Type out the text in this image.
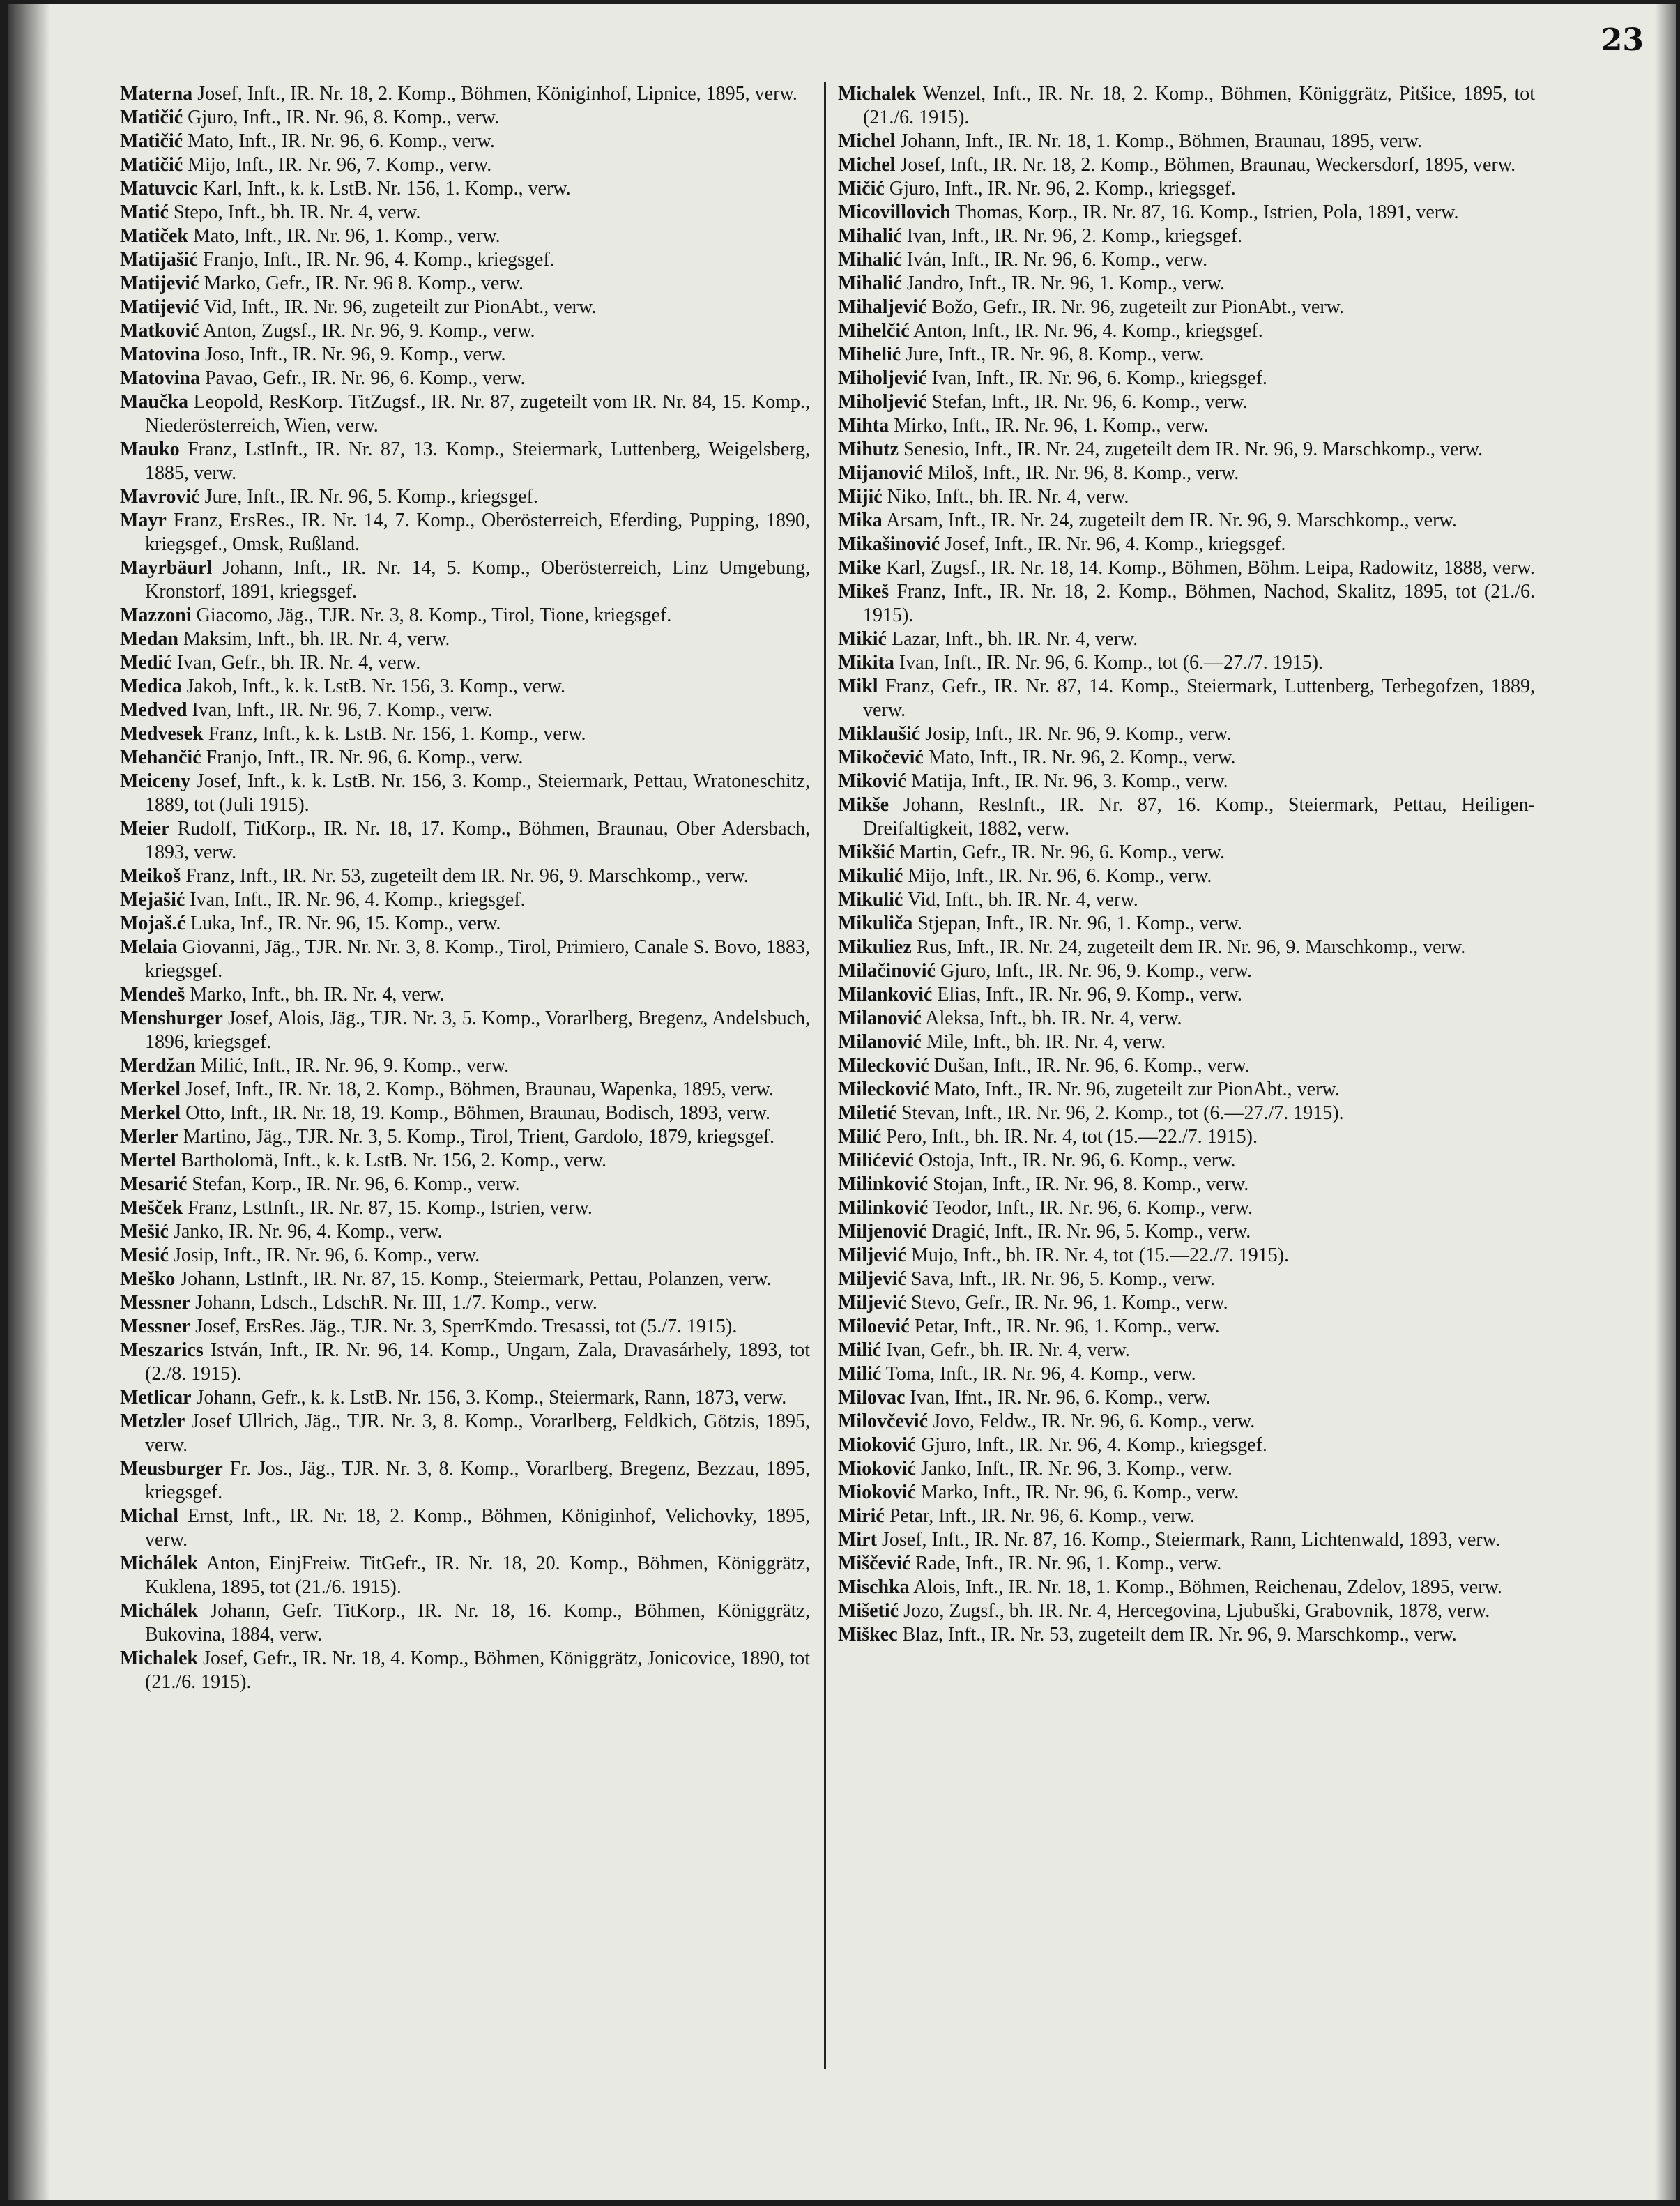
23

Materna Josef, Inft., IR. Nr. 18, 2. Komp., Böhmen, Königinhof, Lipnice, 1895, verw.

Matičić Gjuro, Inft., IR. Nr. 96, 8. Komp., verw.

Matičić Mato, Inft., IR. Nr. 96, 6. Komp., verw.

Matičić Mijo, Inft., IR. Nr. 96, 7. Komp., verw.

Matuvcic Karl, Inft., k. k. LstB. Nr. 156, 1. Komp., verw.

Matić Stepo, Inft., bh. IR. Nr. 4, verw.

Matiček Mato, Inft., IR. Nr. 96, 1. Komp., verw.

Matijašić Franjo, Inft., IR. Nr. 96, 4. Komp., kriegsgef.

Matijević Marko, Gefr., IR. Nr. 96 8. Komp., verw.

Matijević Vid, Inft., IR. Nr. 96, zugeteilt zur PionAbt., verw.

Matković Anton, Zugsf., IR. Nr. 96, 9. Komp., verw.

Matovina Joso, Inft., IR. Nr. 96, 9. Komp., verw.

Matovina Pavao, Gefr., IR. Nr. 96, 6. Komp., verw.

Maučka Leopold, ResKorp. TitZugsf., IR. Nr. 87, zugeteilt vom IR. Nr. 84, 15. Komp., Niederösterreich, Wien, verw.

Mauko Franz, LstInft., IR. Nr. 87, 13. Komp., Steiermark, Luttenberg, Weigelsberg, 1885, verw.

Mavrović Jure, Inft., IR. Nr. 96, 5. Komp., kriegsgef.

Mayr Franz, ErsRes., IR. Nr. 14, 7. Komp., Oberösterreich, Eferding, Pupping, 1890, kriegsgef., Omsk, Rußland.

Mayrbäurl Johann, Inft., IR. Nr. 14, 5. Komp., Oberösterreich, Linz Umgebung, Kronstorf, 1891, kriegsgef.

Mazzoni Giacomo, Jäg., TJR. Nr. 3, 8. Komp., Tirol, Tione, kriegsgef.

Medan Maksim, Inft., bh. IR. Nr. 4, verw.

Medić Ivan, Gefr., bh. IR. Nr. 4, verw.

Medica Jakob, Inft., k. k. LstB. Nr. 156, 3. Komp., verw.

Medved Ivan, Inft., IR. Nr. 96, 7. Komp., verw.

Medvesek Franz, Inft., k. k. LstB. Nr. 156, 1. Komp., verw.

Mehančić Franjo, Inft., IR. Nr. 96, 6. Komp., verw.

Meiceny Josef, Inft., k. k. LstB. Nr. 156, 3. Komp., Steiermark, Pettau, Wratoneschitz, 1889, tot (Juli 1915).

Meier Rudolf, TitKorp., IR. Nr. 18, 17. Komp., Böhmen, Braunau, Ober Adersbach, 1893, verw.

Meikoš Franz, Inft., IR. Nr. 53, zugeteilt dem IR. Nr. 96, 9. Marschkomp., verw.

Mejašić Ivan, Inft., IR. Nr. 96, 4. Komp., kriegsgef.

Mojaš.ć Luka, Inf., IR. Nr. 96, 15. Komp., verw.

Melaia Giovanni, Jäg., TJR. Nr. Nr. 3, 8. Komp., Tirol, Primiero, Canale S. Bovo, 1883, kriegsgef.

Mendeš Marko, Inft., bh. IR. Nr. 4, verw.

Menshurger Josef, Alois, Jäg., TJR. Nr. 3, 5. Komp., Vorarlberg, Bregenz, Andelsbuch, 1896, kriegsgef.

Merdžan Milić, Inft., IR. Nr. 96, 9. Komp., verw.

Merkel Josef, Inft., IR. Nr. 18, 2. Komp., Böhmen, Braunau, Wapenka, 1895, verw.

Merkel Otto, Inft., IR. Nr. 18, 19. Komp., Böhmen, Braunau, Bodisch, 1893, verw.

Merler Martino, Jäg., TJR. Nr. 3, 5. Komp., Tirol, Trient, Gardolo, 1879, kriegsgef.

Mertel Bartholomä, Inft., k. k. LstB. Nr. 156, 2. Komp., verw.

Mesarić Stefan, Korp., IR. Nr. 96, 6. Komp., verw.

Mešček Franz, LstInft., IR. Nr. 87, 15. Komp., Istrien, verw.

Mešić Janko, IR. Nr. 96, 4. Komp., verw.

Mesić Josip, Inft., IR. Nr. 96, 6. Komp., verw.

Meško Johann, LstInft., IR. Nr. 87, 15. Komp., Steiermark, Pettau, Polanzen, verw.

Messner Johann, Ldsch., LdschR. Nr. III, 1./7. Komp., verw.

Messner Josef, ErsRes. Jäg., TJR. Nr. 3, SperrKmdo. Tresassi, tot (5./7. 1915).

Meszarics István, Inft., IR. Nr. 96, 14. Komp., Ungarn, Zala, Dravasárhely, 1893, tot (2./8. 1915).

Metlicar Johann, Gefr., k. k. LstB. Nr. 156, 3. Komp., Steiermark, Rann, 1873, verw.

Metzler Josef Ullrich, Jäg., TJR. Nr. 3, 8. Komp., Vorarlberg, Feldkich, Götzis, 1895, verw.

Meusburger Fr. Jos., Jäg., TJR. Nr. 3, 8. Komp., Vorarlberg, Bregenz, Bezzau, 1895, kriegsgef.

Michal Ernst, Inft., IR. Nr. 18, 2. Komp., Böhmen, Königinhof, Velichovky, 1895, verw.

Michálek Anton, EinjFreiw. TitGefr., IR. Nr. 18, 20. Komp., Böhmen, Königgrätz, Kuklena, 1895, tot (21./6. 1915).

Michálek Johann, Gefr. TitKorp., IR. Nr. 18, 16. Komp., Böhmen, Königgrätz, Bukovina, 1884, verw.

Michalek Josef, Gefr., IR. Nr. 18, 4. Komp., Böhmen, Königgrätz, Jonicovice, 1890, tot (21./6. 1915).

Michalek Wenzel, Inft., IR. Nr. 18, 2. Komp., Böhmen, Königgrätz, Pitšice, 1895, tot (21./6. 1915).

Michel Johann, Inft., IR. Nr. 18, 1. Komp., Böhmen, Braunau, 1895, verw.

Michel Josef, Inft., IR. Nr. 18, 2. Komp., Böhmen, Braunau, Weckersdorf, 1895, verw.

Mičić Gjuro, Inft., IR. Nr. 96, 2. Komp., kriegsgef.

Micovillovich Thomas, Korp., IR. Nr. 87, 16. Komp., Istrien, Pola, 1891, verw.

Mihalić Ivan, Inft., IR. Nr. 96, 2. Komp., kriegsgef.

Mihalić Iván, Inft., IR. Nr. 96, 6. Komp., verw.

Mihalić Jandro, Inft., IR. Nr. 96, 1. Komp., verw.

Mihaljević Božo, Gefr., IR. Nr. 96, zugeteilt zur PionAbt., verw.

Mihelčić Anton, Inft., IR. Nr. 96, 4. Komp., kriegsgef.

Mihelić Jure, Inft., IR. Nr. 96, 8. Komp., verw.

Miholjević Ivan, Inft., IR. Nr. 96, 6. Komp., kriegsgef.

Miholjević Stefan, Inft., IR. Nr. 96, 6. Komp., verw.

Mihta Mirko, Inft., IR. Nr. 96, 1. Komp., verw.

Mihutz Senesio, Inft., IR. Nr. 24, zugeteilt dem IR. Nr. 96, 9. Marschkomp., verw.

Mijanović Miloš, Inft., IR. Nr. 96, 8. Komp., verw.

Mijić Niko, Inft., bh. IR. Nr. 4, verw.

Mika Arsam, Inft., IR. Nr. 24, zugeteilt dem IR. Nr. 96, 9. Marschkomp., verw.

Mikašinović Josef, Inft., IR. Nr. 96, 4. Komp., kriegsgef.

Mike Karl, Zugsf., IR. Nr. 18, 14. Komp., Böhmen, Böhm. Leipa, Radowitz, 1888, verw.

Mikeš Franz, Inft., IR. Nr. 18, 2. Komp., Böhmen, Nachod, Skalitz, 1895, tot (21./6. 1915).

Mikić Lazar, Inft., bh. IR. Nr. 4, verw.

Mikita Ivan, Inft., IR. Nr. 96, 6. Komp., tot (6.—27./7. 1915).

Mikl Franz, Gefr., IR. Nr. 87, 14. Komp., Steiermark, Luttenberg, Terbegofzen, 1889, verw.

Miklaušić Josip, Inft., IR. Nr. 96, 9. Komp., verw.

Mikočević Mato, Inft., IR. Nr. 96, 2. Komp., verw.

Miković Matija, Inft., IR. Nr. 96, 3. Komp., verw.

Mikše Johann, ResInft., IR. Nr. 87, 16. Komp., Steiermark, Pettau, Heiligen-Dreifaltigkeit, 1882, verw.

Mikšić Martin, Gefr., IR. Nr. 96, 6. Komp., verw.

Mikulić Mijo, Inft., IR. Nr. 96, 6. Komp., verw.

Mikulić Vid, Inft., bh. IR. Nr. 4, verw.

Mikuliča Stjepan, Inft., IR. Nr. 96, 1. Komp., verw.

Mikuliez Rus, Inft., IR. Nr. 24, zugeteilt dem IR. Nr. 96, 9. Marschkomp., verw.

Milačinović Gjuro, Inft., IR. Nr. 96, 9. Komp., verw.

Milanković Elias, Inft., IR. Nr. 96, 9. Komp., verw.

Milanović Aleksa, Inft., bh. IR. Nr. 4, verw.

Milanović Mile, Inft., bh. IR. Nr. 4, verw.

Milecković Dušan, Inft., IR. Nr. 96, 6. Komp., verw.

Milecković Mato, Inft., IR. Nr. 96, zugeteilt zur PionAbt., verw.

Miletić Stevan, Inft., IR. Nr. 96, 2. Komp., tot (6.—27./7. 1915).

Milić Pero, Inft., bh. IR. Nr. 4, tot (15.—22./7. 1915).

Milićević Ostoja, Inft., IR. Nr. 96, 6. Komp., verw.

Milinković Stojan, Inft., IR. Nr. 96, 8. Komp., verw.

Milinković Teodor, Inft., IR. Nr. 96, 6. Komp., verw.

Miljenović Dragić, Inft., IR. Nr. 96, 5. Komp., verw.

Miljević Mujo, Inft., bh. IR. Nr. 4, tot (15.—22./7. 1915).

Miljević Sava, Inft., IR. Nr. 96, 5. Komp., verw.

Miljević Stevo, Gefr., IR. Nr. 96, 1. Komp., verw.

Miloević Petar, Inft., IR. Nr. 96, 1. Komp., verw.

Milić Ivan, Gefr., bh. IR. Nr. 4, verw.

Milić Toma, Inft., IR. Nr. 96, 4. Komp., verw.

Milovac Ivan, Ifnt., IR. Nr. 96, 6. Komp., verw.

Milovčević Jovo, Feldw., IR. Nr. 96, 6. Komp., verw.

Mioković Gjuro, Inft., IR. Nr. 96, 4. Komp., kriegsgef.

Mioković Janko, Inft., IR. Nr. 96, 3. Komp., verw.

Mioković Marko, Inft., IR. Nr. 96, 6. Komp., verw.

Mirić Petar, Inft., IR. Nr. 96, 6. Komp., verw.

Mirt Josef, Inft., IR. Nr. 87, 16. Komp., Steiermark, Rann, Lichtenwald, 1893, verw.

Miščević Rade, Inft., IR. Nr. 96, 1. Komp., verw.

Mischka Alois, Inft., IR. Nr. 18, 1. Komp., Böhmen, Reichenau, Zdelov, 1895, verw.

Mišetić Jozo, Zugsf., bh. IR. Nr. 4, Hercegovina, Ljubuški, Grabovnik, 1878, verw.

Miškec Blaz, Inft., IR. Nr. 53, zugeteilt dem IR. Nr. 96, 9. Marschkomp., verw.
